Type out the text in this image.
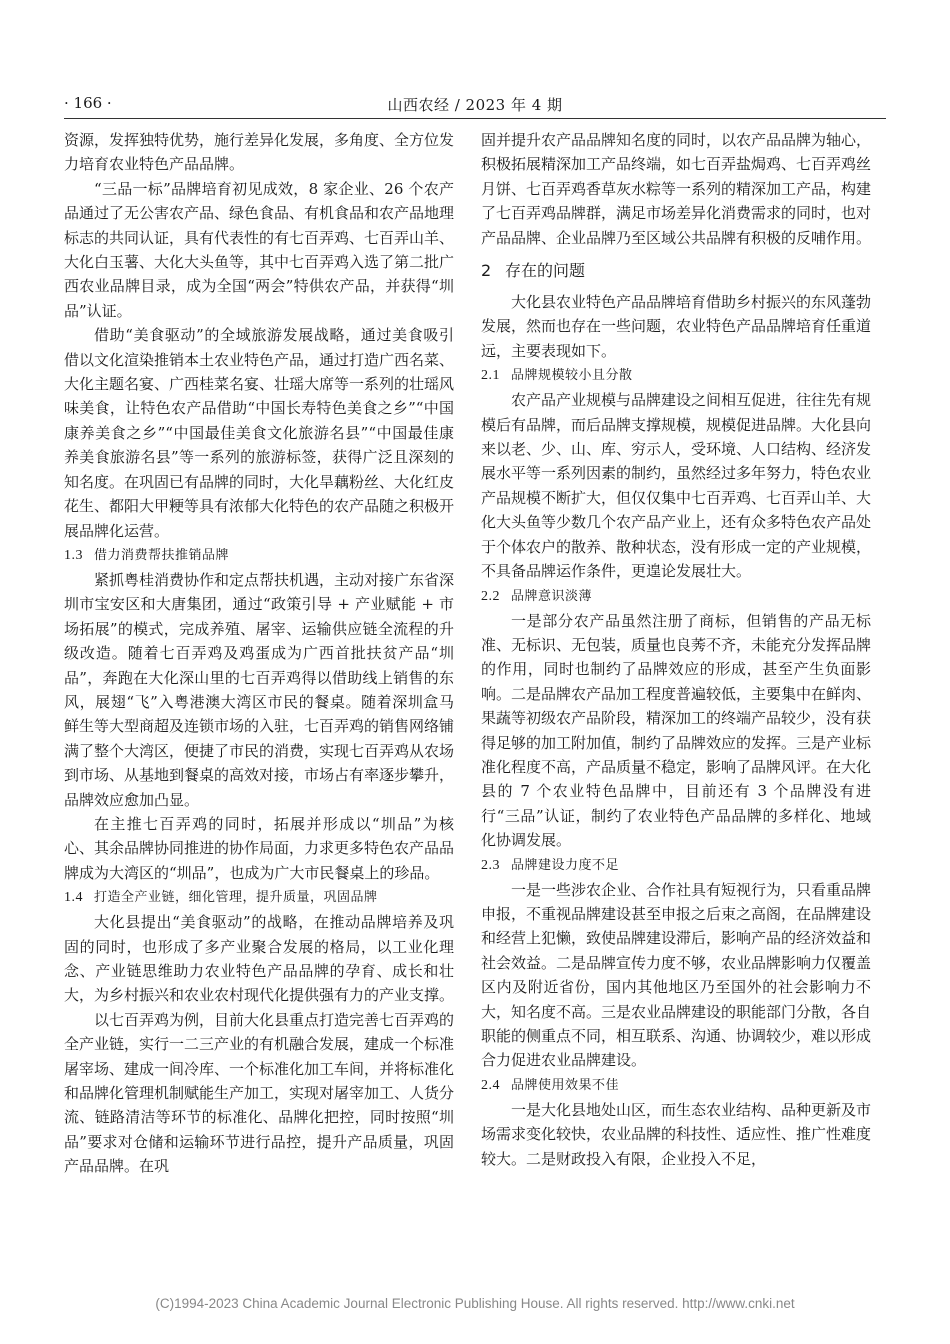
· 166 ·	山西农经 / 2023 年 4 期

资源，发挥独特优势，施行差异化发展，多角度、全方位发力培育农业特色产品品牌。

“三品一标”品牌培育初见成效，8 家企业、26 个农产品通过了无公害农产品、绿色食品、有机食品和农产品地理标志的共同认证，具有代表性的有七百弄鸡、七百弄山羊、大化白玉薯、大化大头鱼等，其中七百弄鸡入选了第二批广西农业品牌目录，成为全国“两会”特供农产品，并获得“圳品”认证。

借助“美食驱动”的全域旅游发展战略，通过美食吸引借以文化渲染推销本土农业特色产品，通过打造广西名菜、大化主题名宴、广西桂菜名宴、壮瑶大席等一系列的壮瑶风味美食，让特色农产品借助“中国长寿特色美食之乡”“中国康养美食之乡”“中国最佳美食文化旅游名县”“中国最佳康养美食旅游名县”等一系列的旅游标签，获得广泛且深刻的知名度。在巩固已有品牌的同时，大化旱藕粉丝、大化红皮花生、都阳大甲粳等具有浓郁大化特色的农产品随之积极开展品牌化运营。

1.3 借力消费帮扶推销品牌

紧抓粤桂消费协作和定点帮扶机遇，主动对接广东省深圳市宝安区和大唐集团，通过“政策引导 + 产业赋能 + 市场拓展”的模式，完成养殖、屠宰、运输供应链全流程的升级改造。随着七百弄鸡及鸡蛋成为广西首批扶贫产品“圳品”，奔跑在大化深山里的七百弄鸡得以借助线上销售的东风，展翅“飞”入粤港澳大湾区市民的餐桌。随着深圳盒马鲜生等大型商超及连锁市场的入驻，七百弄鸡的销售网络铺满了整个大湾区，便捷了市民的消费，实现七百弄鸡从农场到市场、从基地到餐桌的高效对接，市场占有率逐步攀升，品牌效应愈加凸显。

在主推七百弄鸡的同时，拓展并形成以“圳品”为核心、其余品牌协同推进的协作局面，力求更多特色农产品品牌成为大湾区的“圳品”，也成为广大市民餐桌上的珍品。

1.4 打造全产业链，细化管理，提升质量，巩固品牌

大化县提出“美食驱动”的战略，在推动品牌培养及巩固的同时，也形成了多产业聚合发展的格局，以工业化理念、产业链思维助力农业特色产品品牌的孕育、成长和壮大，为乡村振兴和农业农村现代化提供强有力的产业支撑。

以七百弄鸡为例，目前大化县重点打造完善七百弄鸡的全产业链，实行一二三产业的有机融合发展，建成一个标准屠宰场、建成一间冷库、一个标准化加工车间，并将标准化和品牌化管理机制赋能生产加工，实现对屠宰加工、人货分流、链路清洁等环节的标准化、品牌化把控，同时按照“圳品”要求对仓储和运输环节进行品控，提升产品质量，巩固产品品牌。在巩

固并提升农产品品牌知名度的同时，以农产品品牌为轴心，积极拓展精深加工产品终端，如七百弄盐焗鸡、七百弄鸡丝月饼、七百弄鸡香草灰水粽等一系列的精深加工产品，构建了七百弄鸡品牌群，满足市场差异化消费需求的同时，也对产品品牌、企业品牌乃至区域公共品牌有积极的反哺作用。

2 存在的问题

大化县农业特色产品品牌培育借助乡村振兴的东风蓬勃发展，然而也存在一些问题，农业特色产品品牌培育任重道远，主要表现如下。

2.1 品牌规模较小且分散

农产品产业规模与品牌建设之间相互促进，往往先有规模后有品牌，而后品牌支撑规模，规模促进品牌。大化县向来以老、少、山、库、穷示人，受环境、人口结构、经济发展水平等一系列因素的制约，虽然经过多年努力，特色农业产品规模不断扩大，但仅仅集中七百弄鸡、七百弄山羊、大化大头鱼等少数几个农产品产业上，还有众多特色农产品处于个体农户的散养、散种状态，没有形成一定的产业规模，不具备品牌运作条件，更遑论发展壮大。

2.2 品牌意识淡薄

一是部分农产品虽然注册了商标，但销售的产品无标准、无标识、无包装，质量也良莠不齐，未能充分发挥品牌的作用，同时也制约了品牌效应的形成，甚至产生负面影响。二是品牌农产品加工程度普遍较低，主要集中在鲜肉、果蔬等初级农产品阶段，精深加工的终端产品较少，没有获得足够的加工附加值，制约了品牌效应的发挥。三是产业标准化程度不高，产品质量不稳定，影响了品牌风评。在大化县的 7 个农业特色品牌中，目前还有 3 个品牌没有进行“三品”认证，制约了农业特色产品品牌的多样化、地域化协调发展。

2.3 品牌建设力度不足

一是一些涉农企业、合作社具有短视行为，只看重品牌申报，不重视品牌建设甚至申报之后束之高阁，在品牌建设和经营上犯懒，致使品牌建设滞后，影响产品的经济效益和社会效益。二是品牌宣传力度不够，农业品牌影响力仅覆盖区内及附近省份，国内其他地区乃至国外的社会影响力不大，知名度不高。三是农业品牌建设的职能部门分散，各自职能的侧重点不同，相互联系、沟通、协调较少，难以形成合力促进农业品牌建设。

2.4 品牌使用效果不佳

一是大化县地处山区，而生态农业结构、品种更新及市场需求变化较快，农业品牌的科技性、适应性、推广性难度较大。二是财政投入有限，企业投入不足，

(C)1994-2023 China Academic Journal Electronic Publishing House. All rights reserved. http://www.cnki.net
